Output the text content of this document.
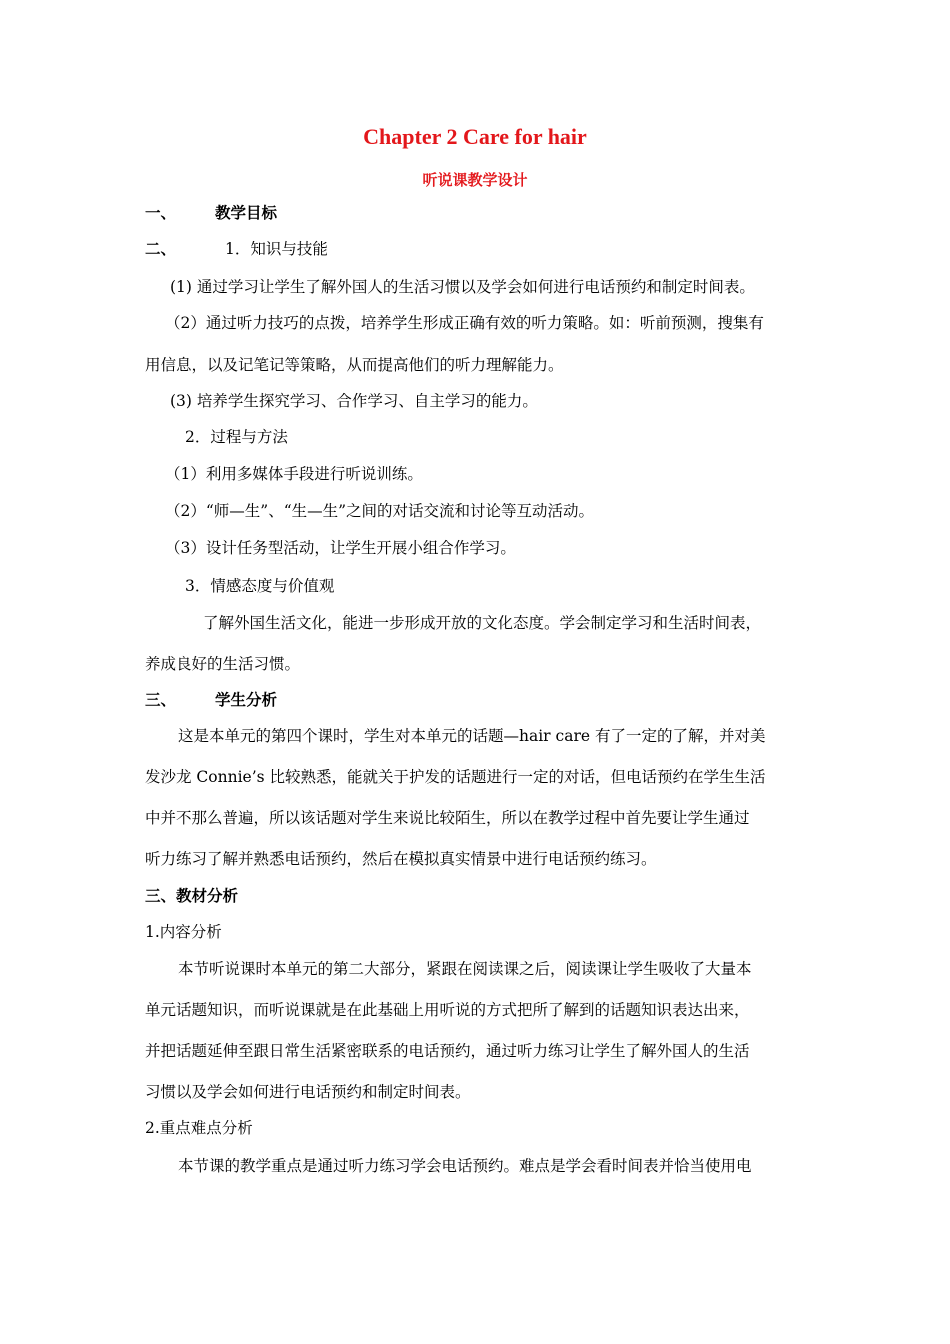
Chapter 2 Care for hair
听说课教学设计
一、	教学目标
二、	1．知识与技能
(1) 通过学习让学生了解外国人的生活习惯以及学会如何进行电话预约和制定时间表。
（2）通过听力技巧的点拨，培养学生形成正确有效的听力策略。如：听前预测，搜集有
用信息，以及记笔记等策略，从而提高他们的听力理解能力。
(3) 培养学生探究学习、合作学习、自主学习的能力。
2．过程与方法
（1）利用多媒体手段进行听说训练。
（2）“师—生”、“生—生”之间的对话交流和讨论等互动活动。
（3）设计任务型活动，让学生开展小组合作学习。
3．情感态度与价值观
了解外国生活文化，能进一步形成开放的文化态度。学会制定学习和生活时间表，
养成良好的生活习惯。
三、	学生分析
这是本单元的第四个课时，学生对本单元的话题—hair care 有了一定的了解，并对美
发沙龙 Connie’s 比较熟悉，能就关于护发的话题进行一定的对话，但电话预约在学生生活
中并不那么普遍，所以该话题对学生来说比较陌生，所以在教学过程中首先要让学生通过
听力练习了解并熟悉电话预约，然后在模拟真实情景中进行电话预约练习。
三、教材分析
1.内容分析
本节听说课时本单元的第二大部分，紧跟在阅读课之后，阅读课让学生吸收了大量本
单元话题知识，而听说课就是在此基础上用听说的方式把所了解到的话题知识表达出来，
并把话题延伸至跟日常生活紧密联系的电话预约，通过听力练习让学生了解外国人的生活
习惯以及学会如何进行电话预约和制定时间表。
2.重点难点分析
本节课的教学重点是通过听力练习学会电话预约。难点是学会看时间表并恰当使用电
